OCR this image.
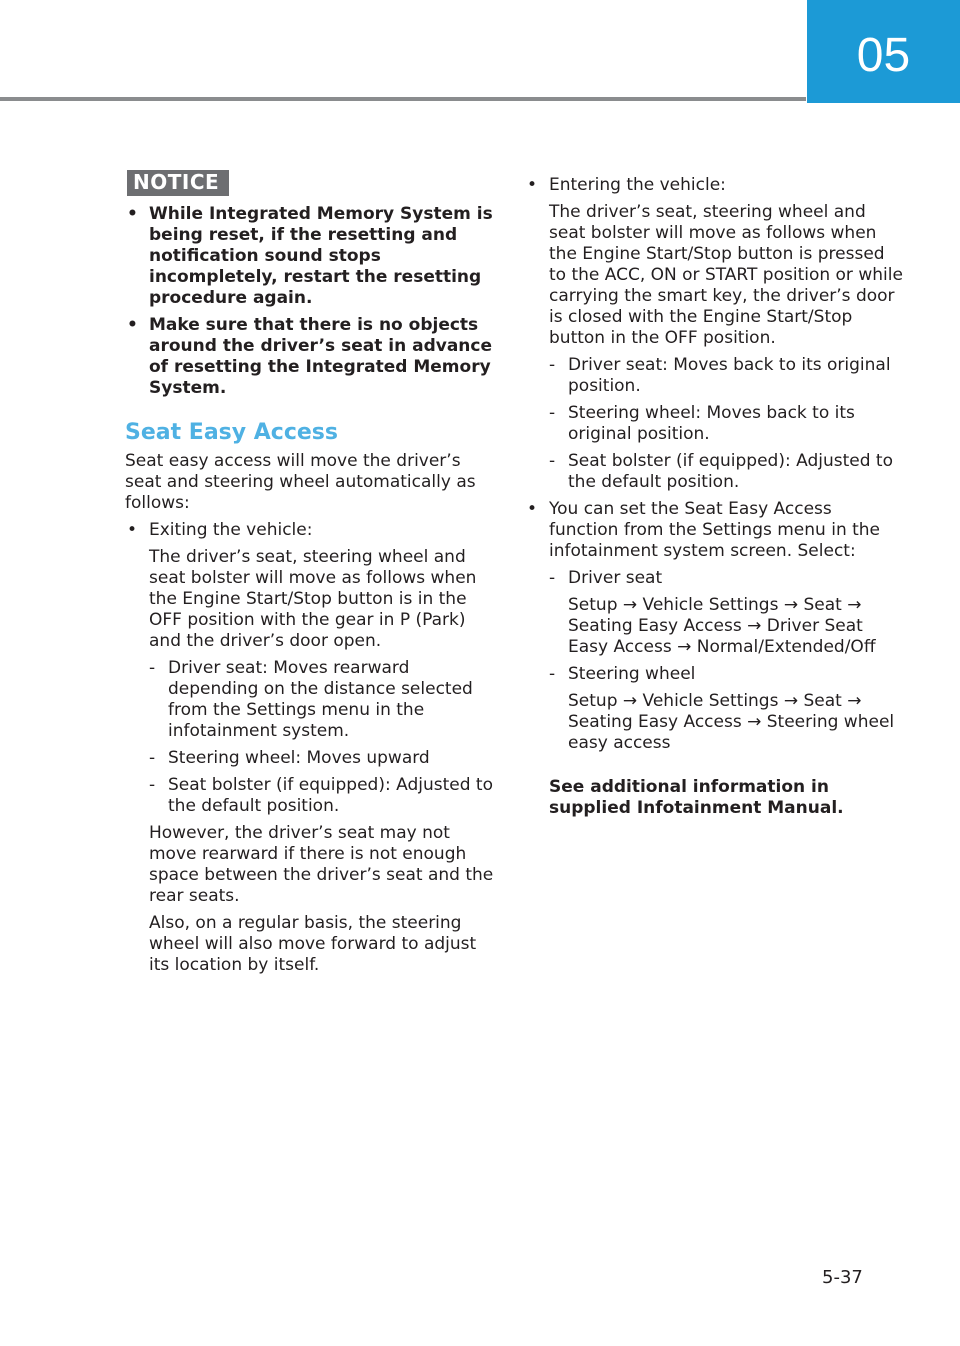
05
NOTICE
• While Integrated Memory System is being reset, if the resetting and notification sound stops incompletely, restart the resetting procedure again.
• Make sure that there is no objects around the driver’s seat in advance of resetting the Integrated Memory System.
Seat Easy Access
Seat easy access will move the driver’s seat and steering wheel automatically as follows:
• Exiting the vehicle:
The driver’s seat, steering wheel and seat bolster will move as follows when the Engine Start/Stop button is in the OFF position with the gear in P (Park) and the driver’s door open.
- Driver seat: Moves rearward depending on the distance selected from the Settings menu in the infotainment system.
- Steering wheel: Moves upward
- Seat bolster (if equipped): Adjusted to the default position.
However, the driver’s seat may not move rearward if there is not enough space between the driver’s seat and the rear seats.
Also, on a regular basis, the steering wheel will also move forward to adjust its location by itself.
• Entering the vehicle:
The driver’s seat, steering wheel and seat bolster will move as follows when the Engine Start/Stop button is pressed to the ACC, ON or START position or while carrying the smart key, the driver’s door is closed with the Engine Start/Stop button in the OFF position.
- Driver seat: Moves back to its original position.
- Steering wheel: Moves back to its original position.
- Seat bolster (if equipped): Adjusted to the default position.
• You can set the Seat Easy Access function from the Settings menu in the infotainment system screen. Select:
- Driver seat
Setup → Vehicle Settings → Seat → Seating Easy Access → Driver Seat Easy Access → Normal/Extended/Off
- Steering wheel
Setup → Vehicle Settings → Seat → Seating Easy Access → Steering wheel easy access
See additional information in supplied Infotainment Manual.
5-37
